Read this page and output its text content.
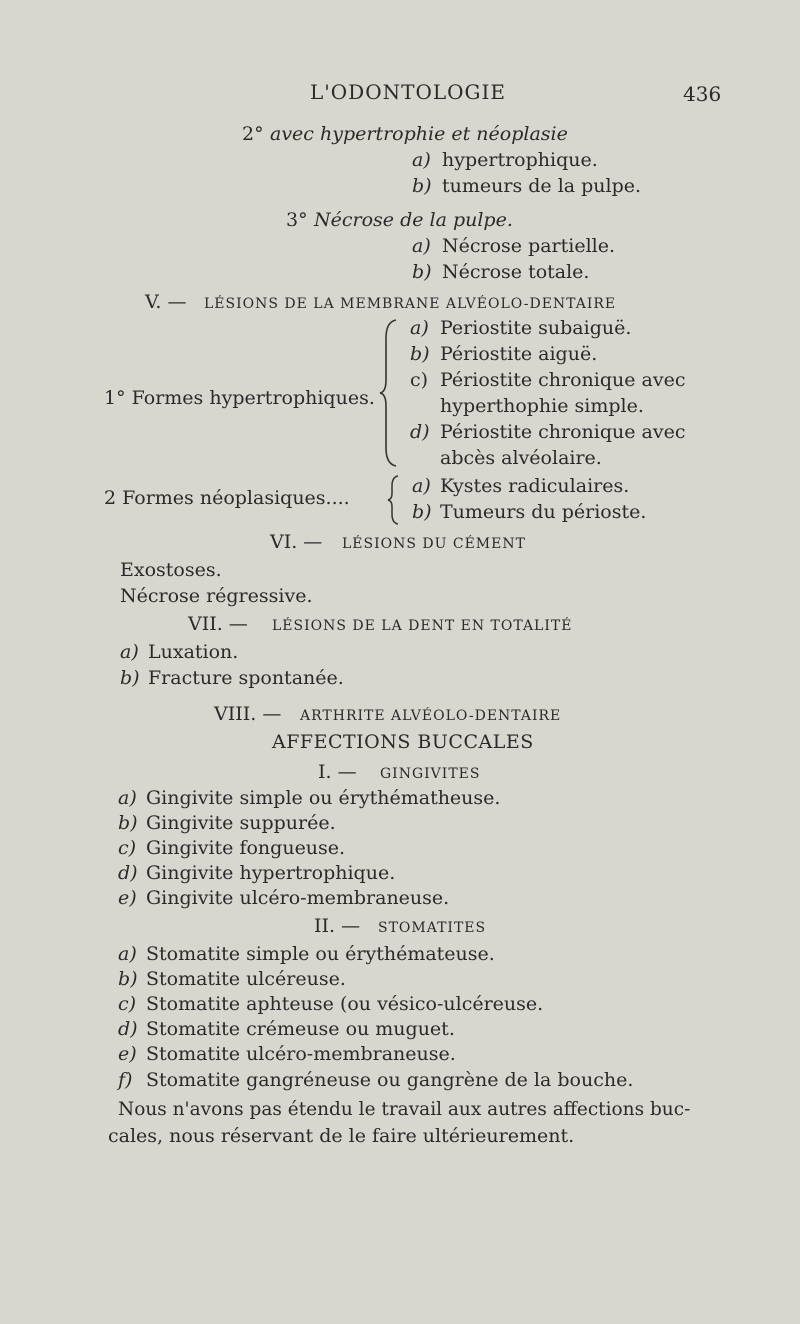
L'ODONTOLOGIE	436
2° avec hypertrophie et néoplasie
a) hypertrophique.
b) tumeurs de la pulpe.
3° Nécrose de la pulpe.
a) Nécrose partielle.
b) Nécrose totale.
V. — LÉSIONS DE LA MEMBRANE ALVÉOLO-DENTAIRE
1° Formes hypertrophiques.
a) Periostite subaiguë.
b) Périostite aiguë.
c) Périostite chronique avec
hyperthophie simple.
d) Périostite chronique avec
abcès alvéolaire.
2 Formes néoplasiques....
a) Kystes radiculaires.
b) Tumeurs du périoste.
VI. — LÉSIONS DU CÉMENT
Exostoses.
Nécrose régressive.
VII. — LÉSIONS DE LA DENT EN TOTALITÉ
a) Luxation.
b) Fracture spontanée.
VIII. — ARTHRITE ALVÉOLO-DENTAIRE
AFFECTIONS BUCCALES
I. — GINGIVITES
a) Gingivite simple ou érythématheuse.
b) Gingivite suppurée.
c) Gingivite fongueuse.
d) Gingivite hypertrophique.
e) Gingivite ulcéro-membraneuse.
II. — STOMATITES
a) Stomatite simple ou érythémateuse.
b) Stomatite ulcéreuse.
c) Stomatite aphteuse (ou vésico-ulcéreuse.
d) Stomatite crémeuse ou muguet.
e) Stomatite ulcéro-membraneuse.
f) Stomatite gangréneuse ou gangrène de la bouche.
Nous n'avons pas étendu le travail aux autres affections buc-
cales, nous réservant de le faire ultérieurement.
